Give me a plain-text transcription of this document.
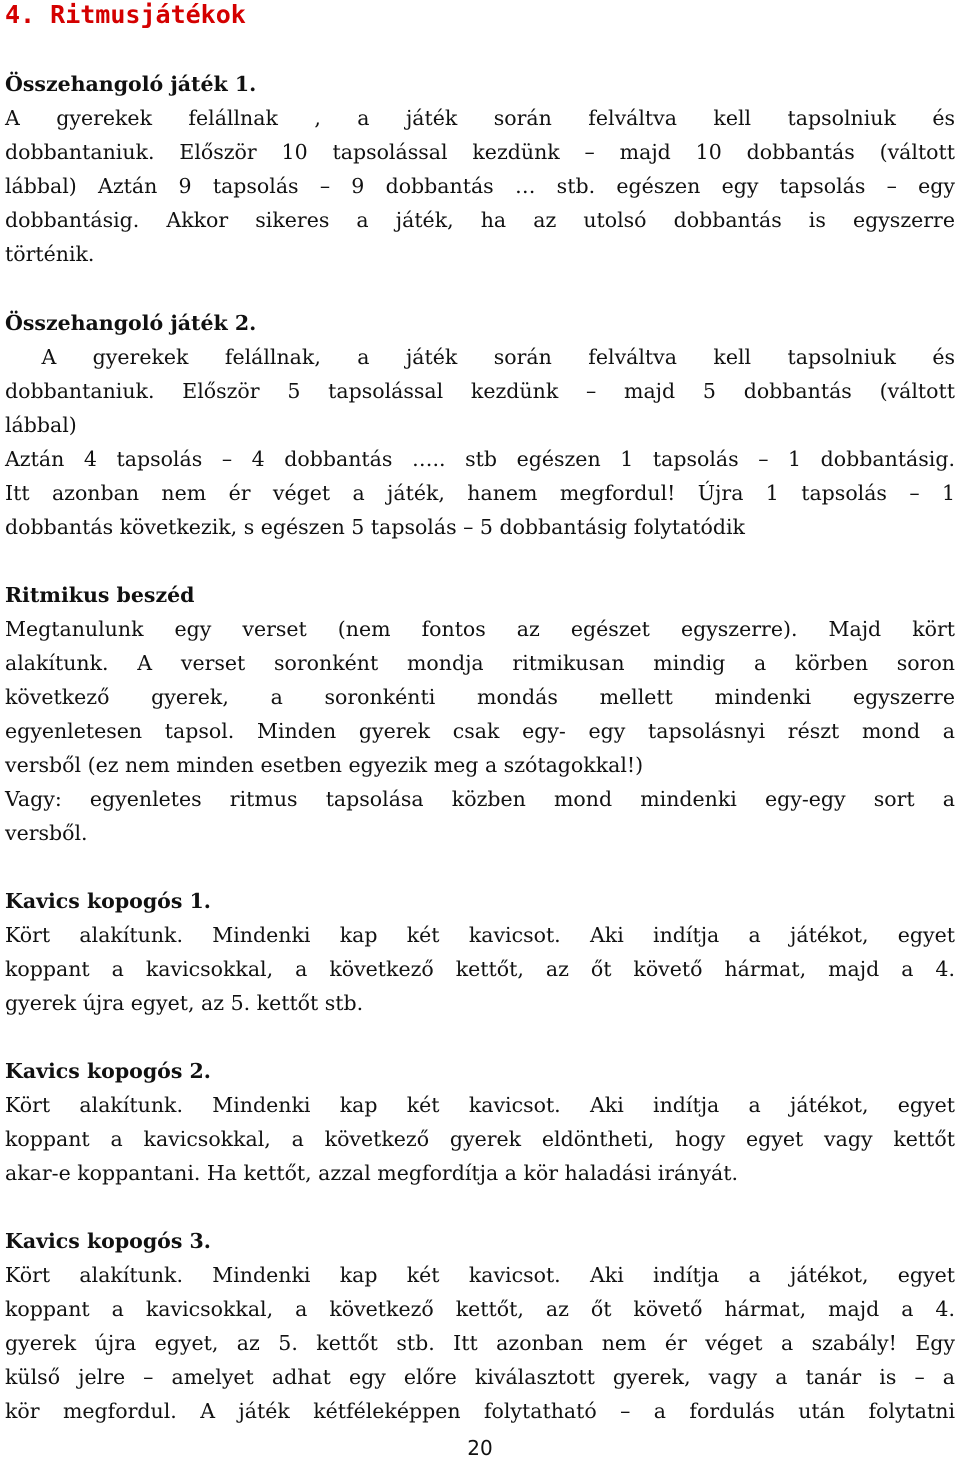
4. Ritmusjátékok
Összehangoló játék 1.
A gyerekek felállnak , a játék során felváltva kell tapsolniuk és
dobbantaniuk. Először 10 tapsolással kezdünk – majd 10 dobbantás (váltott
lábbal) Aztán 9 tapsolás – 9 dobbantás … stb. egészen egy tapsolás – egy
dobbantásig. Akkor sikeres a játék, ha az utolsó dobbantás is egyszerre
történik.
Összehangoló játék 2.
A gyerekek felállnak, a játék során felváltva kell tapsolniuk és
dobbantaniuk. Először 5 tapsolással kezdünk – majd 5 dobbantás (váltott
lábbal)
Aztán 4 tapsolás – 4 dobbantás ….. stb egészen 1 tapsolás – 1 dobbantásig.
Itt azonban nem ér véget a játék, hanem megfordul! Újra 1 tapsolás – 1
dobbantás következik, s egészen 5 tapsolás – 5 dobbantásig folytatódik
Ritmikus beszéd
Megtanulunk egy verset (nem fontos az egészet egyszerre). Majd kört
alakítunk. A verset soronként mondja ritmikusan mindig a körben soron
következő gyerek, a soronkénti mondás mellett mindenki egyszerre
egyenletesen tapsol. Minden gyerek csak egy- egy tapsolásnyi részt mond a
versből (ez nem minden esetben egyezik meg a szótagokkal!)
Vagy: egyenletes ritmus tapsolása közben mond mindenki egy-egy sort a
versből.
Kavics kopogós 1.
Kört alakítunk. Mindenki kap két kavicsot. Aki indítja a játékot, egyet
koppant a kavicsokkal, a következő kettőt, az őt követő hármat, majd a 4.
gyerek újra egyet, az 5. kettőt stb.
Kavics kopogós 2.
Kört alakítunk. Mindenki kap két kavicsot. Aki indítja a játékot, egyet
koppant a kavicsokkal, a következő gyerek eldöntheti, hogy egyet vagy kettőt
akar-e koppantani. Ha kettőt, azzal megfordítja a kör haladási irányát.
Kavics kopogós 3.
Kört alakítunk. Mindenki kap két kavicsot. Aki indítja a játékot, egyet
koppant a kavicsokkal, a következő kettőt, az őt követő hármat, majd a 4.
gyerek újra egyet, az 5. kettőt stb. Itt azonban nem ér véget a szabály! Egy
külső jelre – amelyet adhat egy előre kiválasztott gyerek, vagy a tanár is – a
kör megfordul. A játék kétféleképpen folytatható – a fordulás után folytatni
20
